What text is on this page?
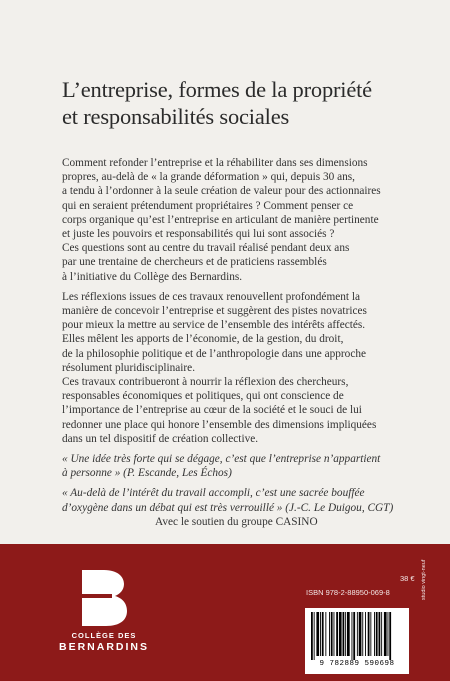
L’entreprise, formes de la propriété
et responsabilités sociales
Comment refonder l’entreprise et la réhabiliter dans ses dimensions
propres, au-delà de « la grande déformation » qui, depuis 30 ans,
a tendu à l’ordonner à la seule création de valeur pour des actionnaires
qui en seraient prétendument propriétaires ? Comment penser ce
corps organique qu’est l’entreprise en articulant de manière pertinente
et juste les pouvoirs et responsabilités qui lui sont associés ?
Ces questions sont au centre du travail réalisé pendant deux ans
par une trentaine de chercheurs et de praticiens rassemblés
à l’initiative du Collège des Bernardins.
Les réflexions issues de ces travaux renouvellent profondément la
manière de concevoir l’entreprise et suggèrent des pistes novatrices
pour mieux la mettre au service de l’ensemble des intérêts affectés.
Elles mêlent les apports de l’économie, de la gestion, du droit,
de la philosophie politique et de l’anthropologie dans une approche
résolument pluridisciplinaire.
Ces travaux contribueront à nourrir la réflexion des chercheurs,
responsables économiques et politiques, qui ont conscience de
l’importance de l’entreprise au cœur de la société et le souci de lui
redonner une place qui honore l’ensemble des dimensions impliquées
dans un tel dispositif de création collective.
« Une idée très forte qui se dégage, c’est que l’entreprise n’appartient
à personne » (P. Escande, Les Échos)
« Au-delà de l’intérêt du travail accompli, c’est une sacrée bouffée
d’oxygène dans un débat qui est très verrouillé » (J.-C. Le Duigou, CGT)
Avec le soutien du groupe CASINO
COLLÈGE DES
BERNARDINS
38 €
ISBN 978-2-88950-069-8	studio vingt-neuf
9 782889 590698
